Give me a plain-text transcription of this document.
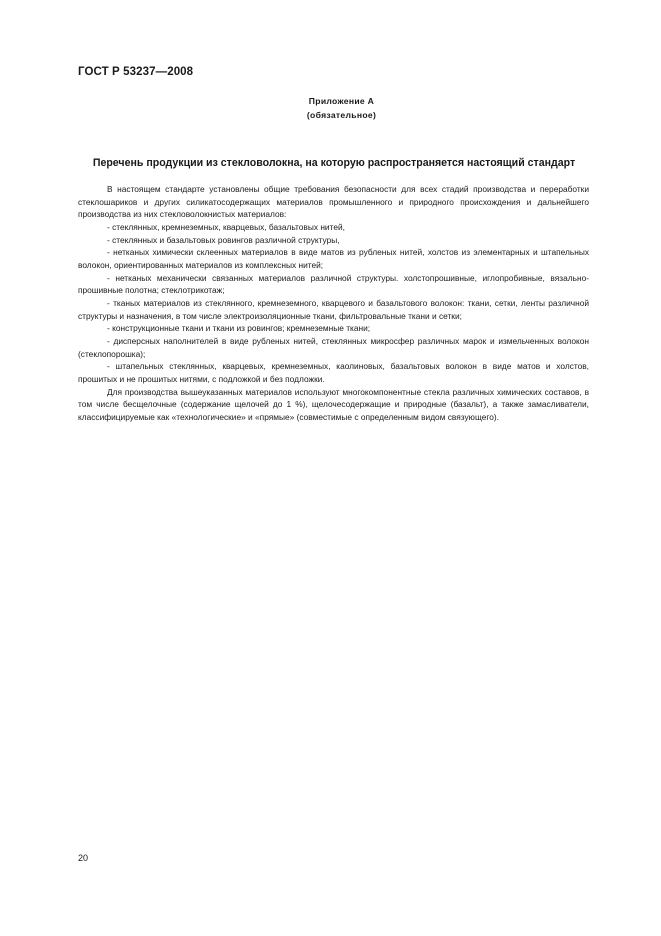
ГОСТ Р 53237—2008
Приложение А
(обязательное)
Перечень продукции из стекловолокна, на которую распространяется настоящий стандарт

В настоящем стандарте установлены общие требования безопасности для всех стадий производства и переработки стеклошариков и других силикатосодержащих материалов промышленного и природного происхождения и дальнейшего производства из них стекловолокнистых материалов:

- стеклянных, кремнеземных, кварцевых, базальтовых нитей,

- стеклянных и базальтовых ровингов различной структуры,

- нетканых химически склеенных материалов в виде матов из рубленых нитей, холстов из элементарных и штапельных волокон, ориентированных материалов из комплексных нитей;

- нетканых механически связанных материалов различной структуры. холстопрошивные, иглопробивные, вязально-прошивные полотна; стеклотрикотаж;

- тканых материалов из стеклянного, кремнеземного, кварцевого и базальтового волокон: ткани, сетки, ленты различной структуры и назначения, в том числе электроизоляционные ткани, фильтровальные ткани и сетки;

- конструкционные ткани и ткани из ровингов; кремнеземные ткани;

- дисперсных наполнителей в виде рубленых нитей, стеклянных микросфер различных марок и измельченных волокон (стеклопорошка);

- штапельных стеклянных, кварцевых, кремнеземных, каолиновых, базальтовых волокон в виде матов и холстов, прошитых и не прошитых нитями, с подложкой и без подложки.

Для производства вышеуказанных материалов используют многокомпонентные стекла различных химических составов, в том числе бесщелочные (содержание щелочей до 1 %), щелочесодержащие и природные (базальт), а также замасливатели, классифицируемые как «технологические» и «прямые» (совместимые с определенным видом связующего).

20
